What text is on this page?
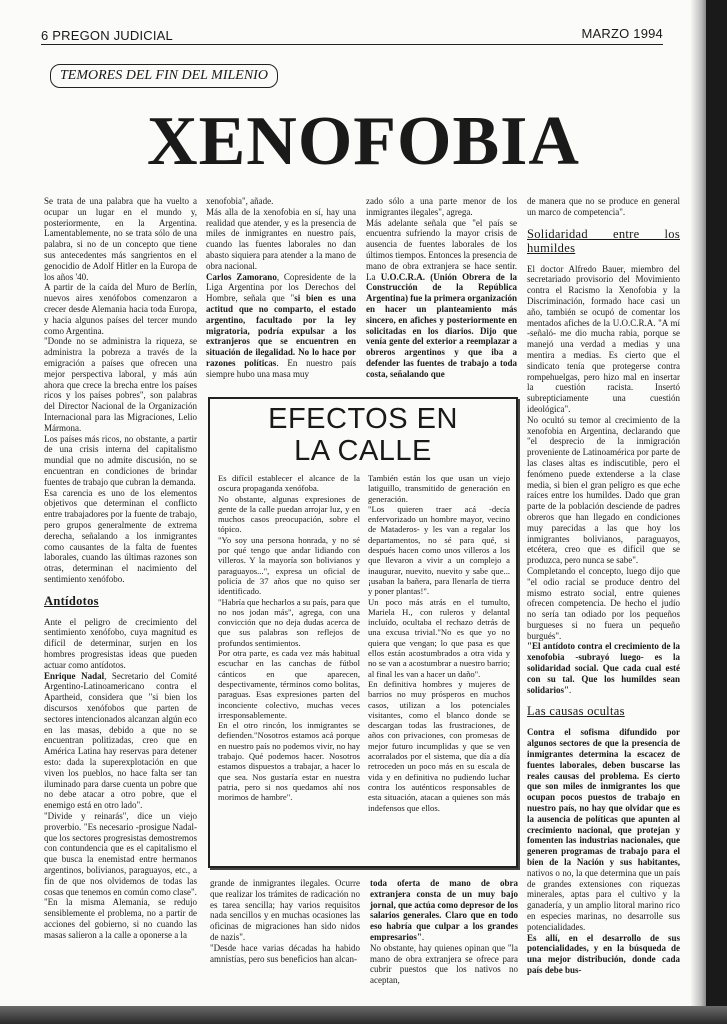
6 PREGON JUDICIAL	MARZO 1994
TEMORES DEL FIN DEL MILENIO
XENOFOBIA

Se trata de una palabra que ha vuelto a ocupar un lugar en el mundo y, posteriormente, en la Argentina. Lamentablemente, no se trata sólo de una palabra, si no de un concepto que tiene sus antecedentes más sangrientos en el genocidio de Adolf Hitler en la Europa de los años '40.

A partir de la caída del Muro de Berlín, nuevos aires xenófobos comenzaron a crecer desde Alemania hacia toda Europa, y hacia algunos países del tercer mundo como Argentina.

"Donde no se administra la riqueza, se administra la pobreza a través de la emigración a países que ofrecen una mejor perspectiva laboral, y más aún ahora que crece la brecha entre los países ricos y los países pobres", son palabras del Director Nacional de la Organización Internacional para las Migraciones, Lelio Mármona.

Los países más ricos, no obstante, a partir de una crisis interna del capitalismo mundial que no admite discusión, no se encuentran en condiciones de brindar fuentes de trabajo que cubran la demanda.

Esa carencia es uno de los elementos objetivos que determinan el conflicto entre trabajadores por la fuente de trabajo, pero grupos generalmente de extrema derecha, señalando a los inmigrantes como causantes de la falta de fuentes laborales, cuando las últimas razones son otras, determinan el nacimiento del sentimiento xenófobo.

Antídotos

Ante el peligro de crecimiento del sentimiento xenófobo, cuya magnitud es difícil de determinar, surjen en los hombres progresistas ideas que pueden actuar como antídotos.

Enrique Nadal, Secretario del Comité Argentino-Latinoamericano contra el Apartheid, considera que "si bien los discursos xenófobos que parten de sectores intencionados alcanzan algún eco en las masas, debido a que no se encuentran politizadas, creo que en América Latina hay reservas para detener esto: dada la superexplotación en que viven los pueblos, no hace falta ser tan iluminado para darse cuenta un pobre que no debe atacar a otro pobre, que el enemigo está en otro lado".

"Divide y reinarás", dice un viejo proverbio. "Es necesario -prosigue Nadal- que los sectores progresistas demostremos con contundencia que es el capitalismo el que busca la enemistad entre hermanos argentinos, bolivianos, paraguayos, etc., a fin de que nos olvidemos de todas las cosas que tenemos en común como clase".

"En la misma Alemania, se redujo sensiblemente el problema, no a partir de acciones del gobierno, si no cuando las masas salieron a la calle a oponerse a la

xenofobia", añade.

Más alla de la xenofobia en sí, hay una realidad que atender, y es la presencia de miles de inmigrantes en nuestro país, cuando las fuentes laborales no dan abasto siquiera para atender a la mano de obra nacional.

Carlos Zamorano, Copresidente de la Liga Argentina por los Derechos del Hombre, señala que "si bien es una actitud que no comparto, el estado argentino, facultado por la ley migratoria, podría expulsar a los extranjeros que se encuentren en situación de ilegalidad. No lo hace por razones políticas. En nuestro país siempre hubo una masa muy

zado sólo a una parte menor de los inmigrantes ilegales", agrega.

Más adelante señala que "el país se encuentra sufriendo la mayor crisis de ausencia de fuentes laborales de los últimos tiempos. Entonces la presencia de mano de obra extranjera se hace sentir. La U.O.C.R.A. (Unión Obrera de la Construcción de la República Argentina) fue la primera organización en hacer un planteamiento más sincero, en afiches y posteriormente en solicitadas en los diarios. Dijo que venía gente del exterior a reemplazar a obreros argentinos y que iba a defender las fuentes de trabajo a toda costa, señalando que

de manera que no se produce en general un marco de competencia".

Solidaridad entre los humildes

El doctor Alfredo Bauer, miembro del secretariado provisorio del Movimiento contra el Racismo la Xenofobia y la Discriminación, formado hace casi un año, también se ocupó de comentar los mentados afiches de la U.O.C.R.A. "A mí -señaló- me dio mucha rabia, porque se manejó una verdad a medias y una mentira a medias. Es cierto que el sindicato tenía que protegerse contra rompehuelgas, pero hizo mal en insertar la cuestión racista. Insertó subrepticiamente una cuestión ideológica".

No ocultó su temor al crecimiento de la xenofobia en Argentina, declarando que "el desprecio de la inmigración proveniente de Latinoamérica por parte de las clases altas es indiscutible, pero el fenómeno puede extenderse a la clase media, si bien el gran peligro es que eche raíces entre los humildes. Dado que gran parte de la población desciende de padres obreros que han llegado en condiciones muy parecidas a las que hoy los inmigrantes bolivianos, paraguayos, etcétera, creo que es difícil que se produzca, pero nunca se sabe".

Completando el concepto, luego dijo que "el odio racial se produce dentro del mismo estrato social, entre quienes ofrecen competencia. De hecho el judío no sería tan odiado por los pequeños burgueses si no fuera un pequeño burgués".

"El antídoto contra el crecimiento de la xenofobia -subrayó luego- es la solidaridad social. Que cada cual esté con su tal. Que los humildes sean solidarios".

Las causas ocultas

Contra el sofisma difundido por algunos sectores de que la presencia de inmigrantes determina la escacez de fuentes laborales, deben buscarse las reales causas del problema. Es cierto que son miles de inmigrantes los que ocupan pocos puestos de trabajo en nuestro país, no hay que olvidar que es la ausencia de políticas que apunten al crecimiento nacional, que protejan y fomenten las industrias nacionales, que generen programas de trabajo para el bien de la Nación y sus habitantes, nativos o no, la que determina que un país de grandes extensiones con riquezas minerales, aptas para el cultivo y la ganadería, y un amplio litoral marino rico en especies marinas, no desarrolle sus potencialidades.

Es allí, en el desarrollo de sus potencialidades, y en la búsqueda de una mejor distribución, donde cada país debe bus-

EFECTOS EN
LA CALLE

Es difícil establecer el alcance de la oscura propaganda xenófoba.

No obstante, algunas expresiones de gente de la calle puedan arrojar luz, y en muchos casos preocupación, sobre el tópico.

"Yo soy una persona honrada, y no sé por qué tengo que andar lidiando con villeros. Y la mayoría son bolivianos y paraguayos...", expresa un oficial de policía de 37 años que no quiso ser identificado.

"Habría que hecharlos a su país, para que no nos jodan más", agrega, con una convicción que no deja dudas acerca de que sus palabras son reflejos de profundos sentimientos.

Por otra parte, es cada vez más habitual escuchar en las canchas de fútbol cánticos en que aparecen, despectivamente, términos como bolitas, paraguas. Esas expresiones parten del inconciente colectivo, muchas veces irresponsablemente.

En el otro rincón, los inmigrantes se defienden."Nosotros estamos acá porque en nuestro país no podemos vivir, no hay trabajo. Qué podemos hacer. Nosotros estamos dispuestos a trabajar, a hacer lo que sea. Nos gustaría estar en nuestra patria, pero si nos quedamos ahí nos morimos de hambre".

También están los que usan un viejo latiguillo, transmitido de generación en generación.

"Los quieren traer acá -decía enfervorizado un hombre mayor, vecino de Mataderos- y les van a regalar los departamentos, no sé para qué, si después hacen como unos villeros a los que llevaron a vivir a un complejo a inaugurar, nuevito, nuevito y sabe que... ¡usaban la bañera, para llenarla de tierra y poner plantas!".

Un poco más atrás en el tumulto, Mariela H., con ruleros y delantal incluído, ocultaba el rechazo detrás de una excusa trivial."No es que yo no quiera que vengan; lo que pasa es que ellos están acostumbrados a otra vida y no se van a acostumbrar a nuestro barrio; al final les van a hacer un daño".

En definitiva hombres y mujeres de barrios no muy prósperos en muchos casos, utilizan a los potenciales visitantes, como el blanco donde se descargan todas las frustraciones, de años con privaciones, con promesas de mejor futuro incumplidas y que se ven acorralados por el sistema, que día a día retroceden un poco más en su escala de vida y en definitiva no pudiendo luchar contra los auténticos responsables de esta situación, atacan a quienes son más indefensos que ellos.

grande de inmigrantes ilegales. Ocurre que realizar los trámites de radicación no es tarea sencilla; hay varios requisitos nada sencillos y en muchas ocasiones las oficinas de migraciones han sido nidos de nazis".

"Desde hace varias décadas ha habido amnistías, pero sus beneficios han alcan-

toda oferta de mano de obra extranjera consta de un muy bajo jornal, que actúa como depresor de los salarios generales. Claro que en todo eso habría que culpar a los grandes empresarios".

No obstante, hay quienes opinan que "la mano de obra extranjera se ofrece para cubrir puestos que los nativos no aceptan,
